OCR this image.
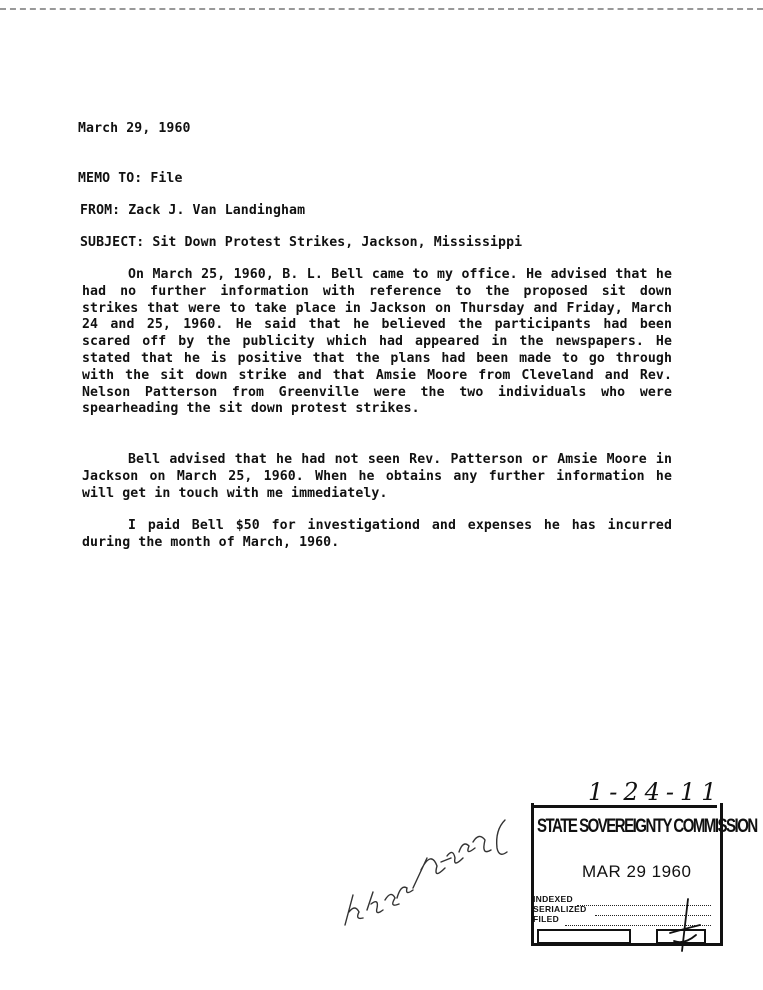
March 29, 1960
MEMO TO: File
FROM: Zack J. Van Landingham
SUBJECT: Sit Down Protest Strikes, Jackson, Mississippi
On March 25, 1960, B. L. Bell came to my office. He advised that he had no further information with reference to the proposed sit down strikes that were to take place in Jackson on Thursday and Friday, March 24 and 25, 1960. He said that he believed the participants had been scared off by the publicity which had appeared in the newspapers. He stated that he is positive that the plans had been made to go through with the sit down strike and that Amsie Moore from Cleveland and Rev. Nelson Patterson from Greenville were the two individuals who were spearheading the sit down protest strikes.
Bell advised that he had not seen Rev. Patterson or Amsie Moore in Jackson on March 25, 1960. When he obtains any further information he will get in touch with me immediately.
I paid Bell $50 for investigationd and expenses he has incurred during the month of March, 1960.
1-24-11
STATE SOVEREIGNTY COMMISSION
MAR 29 1960
INDEXED
SERIALIZED
FILED
